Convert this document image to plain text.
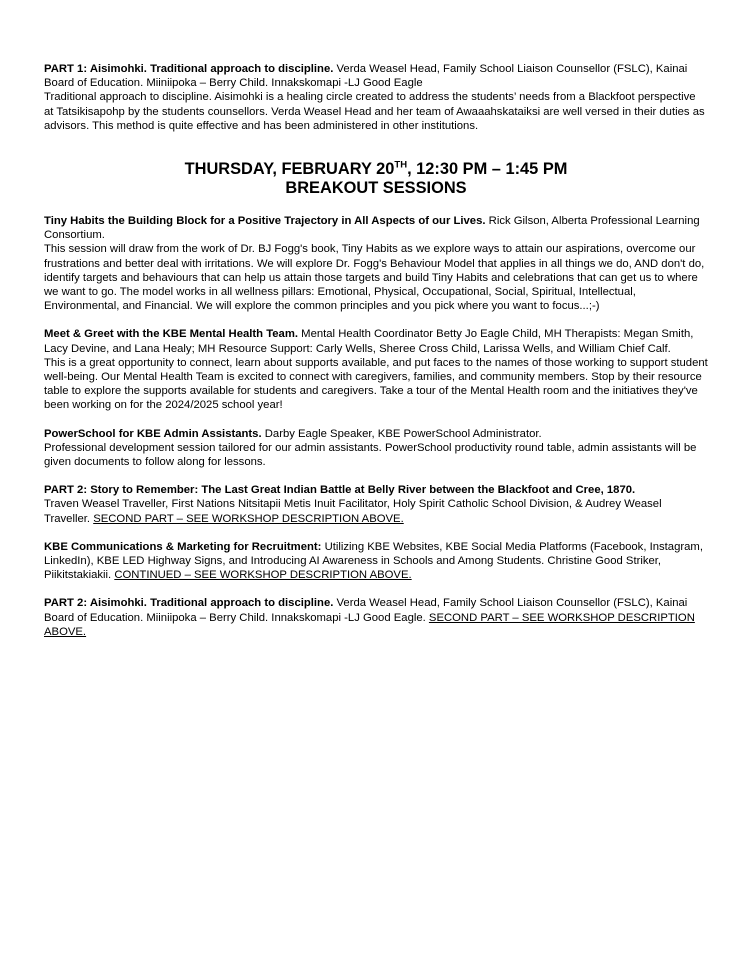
PART 1: Aisimohki. Traditional approach to discipline. Verda Weasel Head, Family School Liaison Counsellor (FSLC), Kainai Board of Education. Miiniipoka – Berry Child. Innakskomapi -LJ Good Eagle

Traditional approach to discipline. Aisimohki is a healing circle created to address the students’ needs from a Blackfoot perspective at Tatsikisapohp by the students counsellors. Verda Weasel Head and her team of Awaaahskataiksi are well versed in their duties as advisors. This method is quite effective and has been administered in other institutions.

THURSDAY, FEBRUARY 20TH, 12:30 PM – 1:45 PM
BREAKOUT SESSIONS

Tiny Habits the Building Block for a Positive Trajectory in All Aspects of our Lives. Rick Gilson, Alberta Professional Learning Consortium.

This session will draw from the work of Dr. BJ Fogg's book, Tiny Habits as we explore ways to attain our aspirations, overcome our frustrations and better deal with irritations. We will explore Dr. Fogg's Behaviour Model that applies in all things we do, AND don't do, identify targets and behaviours that can help us attain those targets and build Tiny Habits and celebrations that can get us to where we want to go. The model works in all wellness pillars: Emotional, Physical, Occupational, Social, Spiritual, Intellectual, Environmental, and Financial. We will explore the common principles and you pick where you want to focus...;-)

Meet & Greet with the KBE Mental Health Team. Mental Health Coordinator Betty Jo Eagle Child, MH Therapists: Megan Smith, Lacy Devine, and Lana Healy; MH Resource Support: Carly Wells, Sheree Cross Child, Larissa Wells, and William Chief Calf.

This is a great opportunity to connect, learn about supports available, and put faces to the names of those working to support student well-being. Our Mental Health Team is excited to connect with caregivers, families, and community members. Stop by their resource table to explore the supports available for students and caregivers. Take a tour of the Mental Health room and the initiatives they've been working on for the 2024/2025 school year!

PowerSchool for KBE Admin Assistants. Darby Eagle Speaker, KBE PowerSchool Administrator.

Professional development session tailored for our admin assistants. PowerSchool productivity round table, admin assistants will be given documents to follow along for lessons.

PART 2: Story to Remember: The Last Great Indian Battle at Belly River between the Blackfoot and Cree, 1870.

Traven Weasel Traveller, First Nations Nitsitapii Metis Inuit Facilitator, Holy Spirit Catholic School Division, & Audrey Weasel Traveller. SECOND PART – SEE WORKSHOP DESCRIPTION ABOVE.

KBE Communications & Marketing for Recruitment: Utilizing KBE Websites, KBE Social Media Platforms (Facebook, Instagram, LinkedIn), KBE LED Highway Signs, and Introducing AI Awareness in Schools and Among Students. Christine Good Striker, Piikitstakiakii. CONTINUED – SEE WORKSHOP DESCRIPTION ABOVE.

PART 2: Aisimohki. Traditional approach to discipline. Verda Weasel Head, Family School Liaison Counsellor (FSLC), Kainai Board of Education. Miiniipoka – Berry Child. Innakskomapi -LJ Good Eagle. SECOND PART – SEE WORKSHOP DESCRIPTION ABOVE.
